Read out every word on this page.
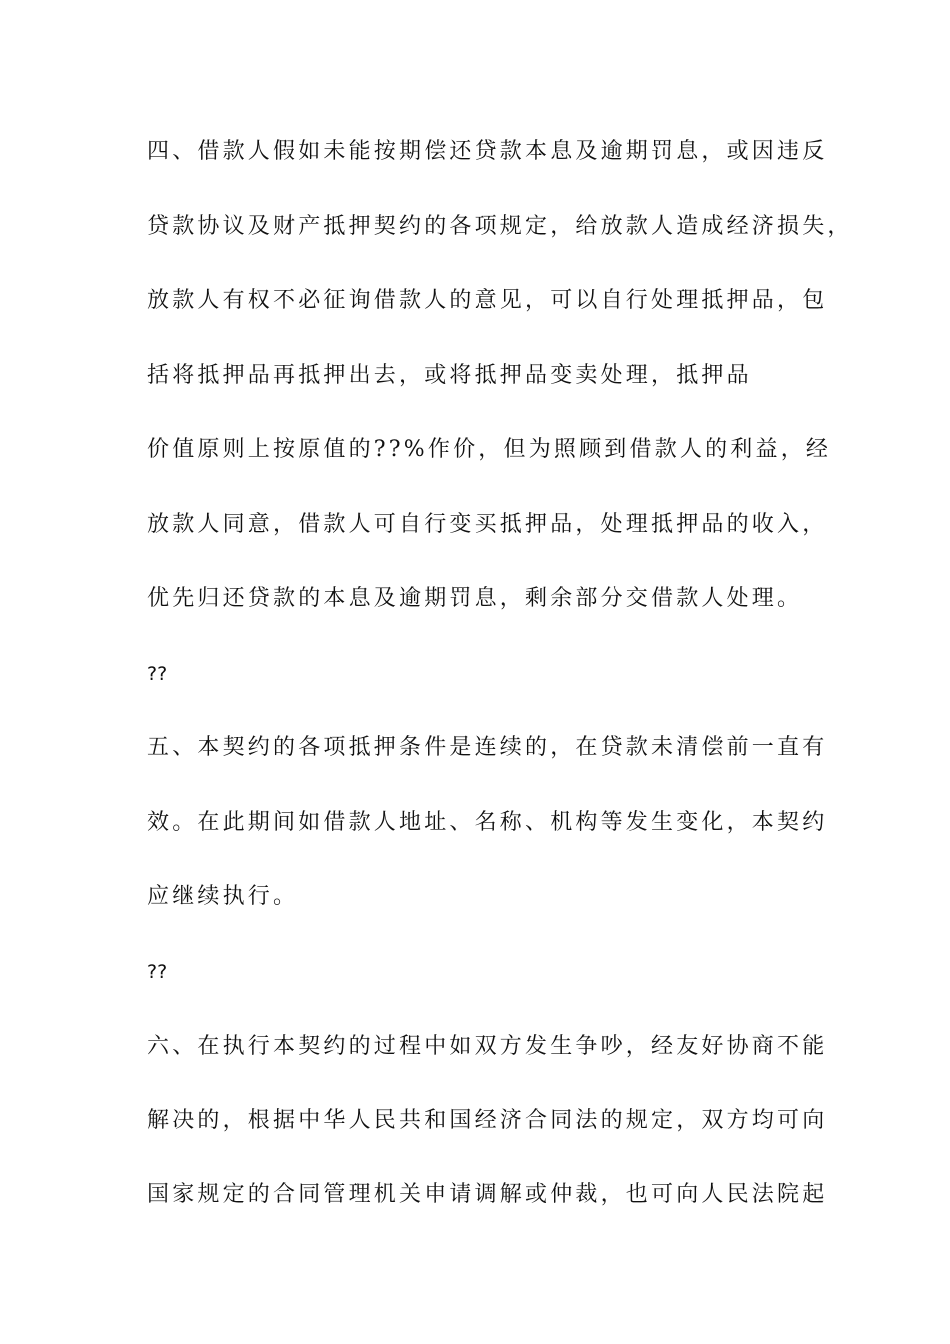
四、借款人假如未能按期偿还贷款本息及逾期罚息，或因违反
贷款协议及财产抵押契约的各项规定，给放款人造成经济损失，
放款人有权不必征询借款人的意见，可以自行处理抵押品，包
括将抵押品再抵押出去，或将抵押品变卖处理，抵押品
价值原则上按原值的??%作价，但为照顾到借款人的利益，经
放款人同意，借款人可自行变买抵押品，处理抵押品的收入，
优先归还贷款的本息及逾期罚息，剩余部分交借款人处理。
??
五、本契约的各项抵押条件是连续的，在贷款未清偿前一直有
效。在此期间如借款人地址、名称、机构等发生变化，本契约
应继续执行。
??
六、在执行本契约的过程中如双方发生争吵，经友好协商不能
解决的，根据中华人民共和国经济合同法的规定，双方均可向
国家规定的合同管理机关申请调解或仲裁，也可向人民法院起
